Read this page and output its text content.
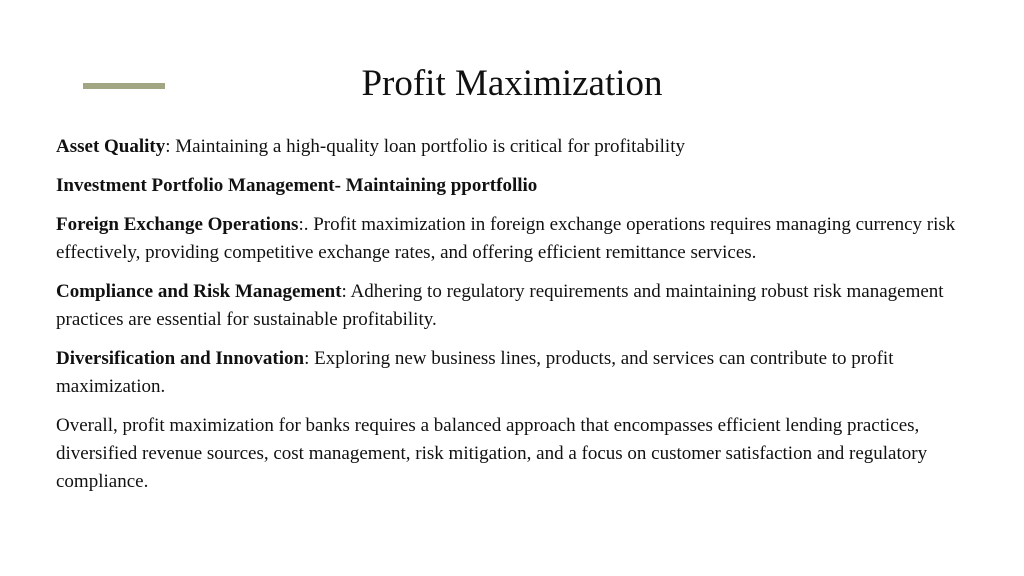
Profit Maximization

Asset Quality: Maintaining a high-quality loan portfolio is critical for profitability

Investment Portfolio Management- Maintaining pportfollio

Foreign Exchange Operations:. Profit maximization in foreign exchange operations requires managing currency risk effectively, providing competitive exchange rates, and offering efficient remittance services.

Compliance and Risk Management: Adhering to regulatory requirements and maintaining robust risk management practices are essential for sustainable profitability.

Diversification and Innovation: Exploring new business lines, products, and services can contribute to profit maximization.

Overall, profit maximization for banks requires a balanced approach that encompasses efficient lending practices, diversified revenue sources, cost management, risk mitigation, and a focus on customer satisfaction and regulatory compliance.
